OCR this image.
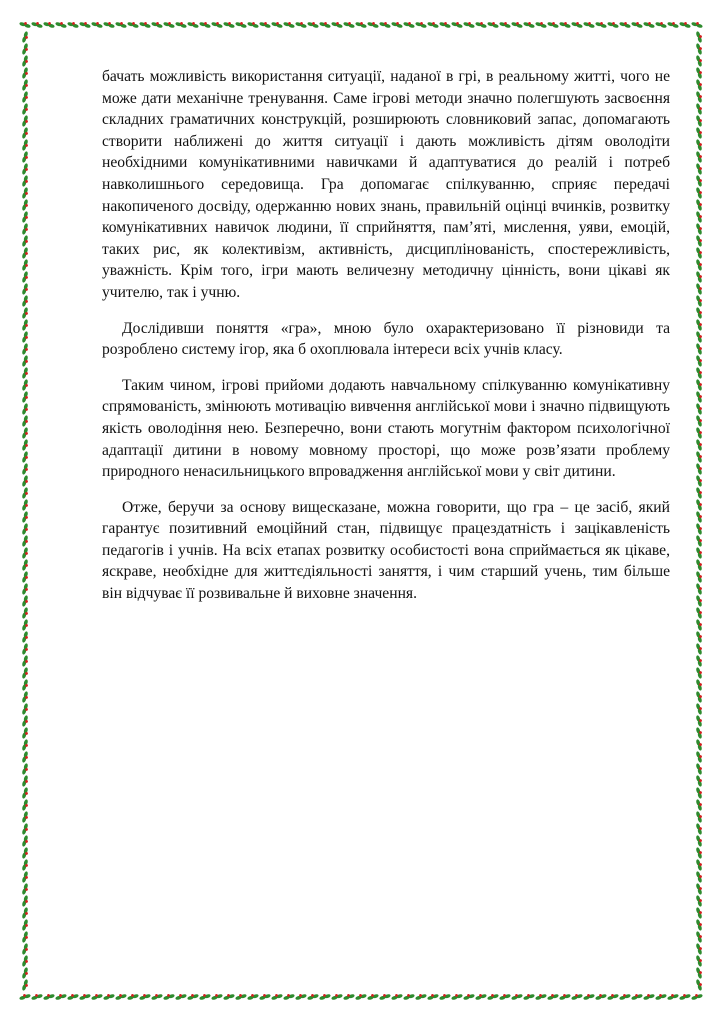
бачать можливість використання ситуації, наданої в грі, в реальному житті, чого не може дати механічне тренування. Саме ігрові методи значно полегшують засвоєння складних граматичних конструкцій, розширюють словниковий запас, допомагають створити наближені до життя ситуації і дають можливість дітям оволодіти необхідними комунікативними навичками й адаптуватися до реалій і потреб навколишнього середовища. Гра допомагає спілкуванню, сприяє передачі накопиченого досвіду, одержанню нових знань, правильній оцінці вчинків, розвитку комунікативних навичок людини, її сприйняття, пам’яті, мислення, уяви, емоцій, таких рис, як колективізм, активність, дисциплінованість, спостережливість, уважність. Крім того, ігри мають величезну методичну цінність, вони цікаві як учителю, так і учню.

Дослідивши поняття «гра», мною було охарактеризовано її різновиди та розроблено систему ігор, яка б охоплювала інтереси всіх учнів класу.

Таким чином, ігрові прийоми додають навчальному спілкуванню комунікативну спрямованість, змінюють мотивацію вивчення англійської мови і значно підвищують якість оволодіння нею. Безперечно, вони стають могутнім фактором психологічної адаптації дитини в новому мовному просторі, що може розв’язати проблему природного ненасильницького впровадження англійської мови у світ дитини.

Отже, беручи за основу вищесказане, можна говорити, що гра – це засіб, який гарантує позитивний емоційний стан, підвищує працездатність і зацікавленість педагогів і учнів. На всіх етапах розвитку особистості вона сприймається як цікаве, яскраве, необхідне для життєдіяльності заняття, і чим старший учень, тим більше він відчуває її розвивальне й виховне значення.
